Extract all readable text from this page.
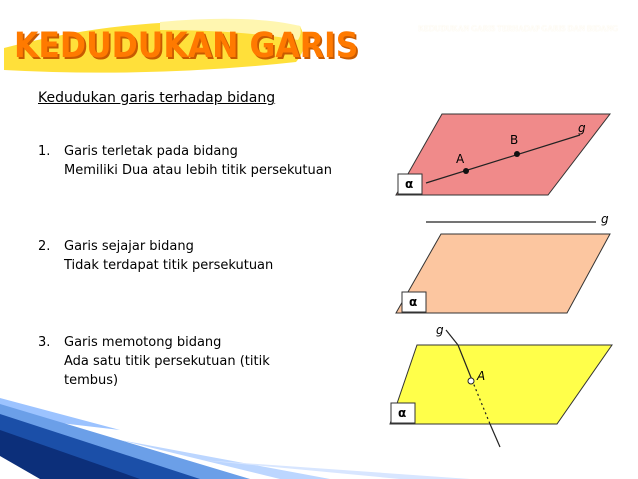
KEDUDUKAN GARIS TERHADAP GARIS DAN BIDANG
KEDUDUKAN GARIS
Kedudukan garis terhadap bidang
1. Garis terletak pada bidang
Memiliki Dua atau lebih titik persekutuan
2. Garis sejajar bidang
Tidak terdapat titik persekutuan
3. Garis memotong bidang
Ada satu titik persekutuan (titik
tembus)
A
B
g
α
g
α
A
g
α
